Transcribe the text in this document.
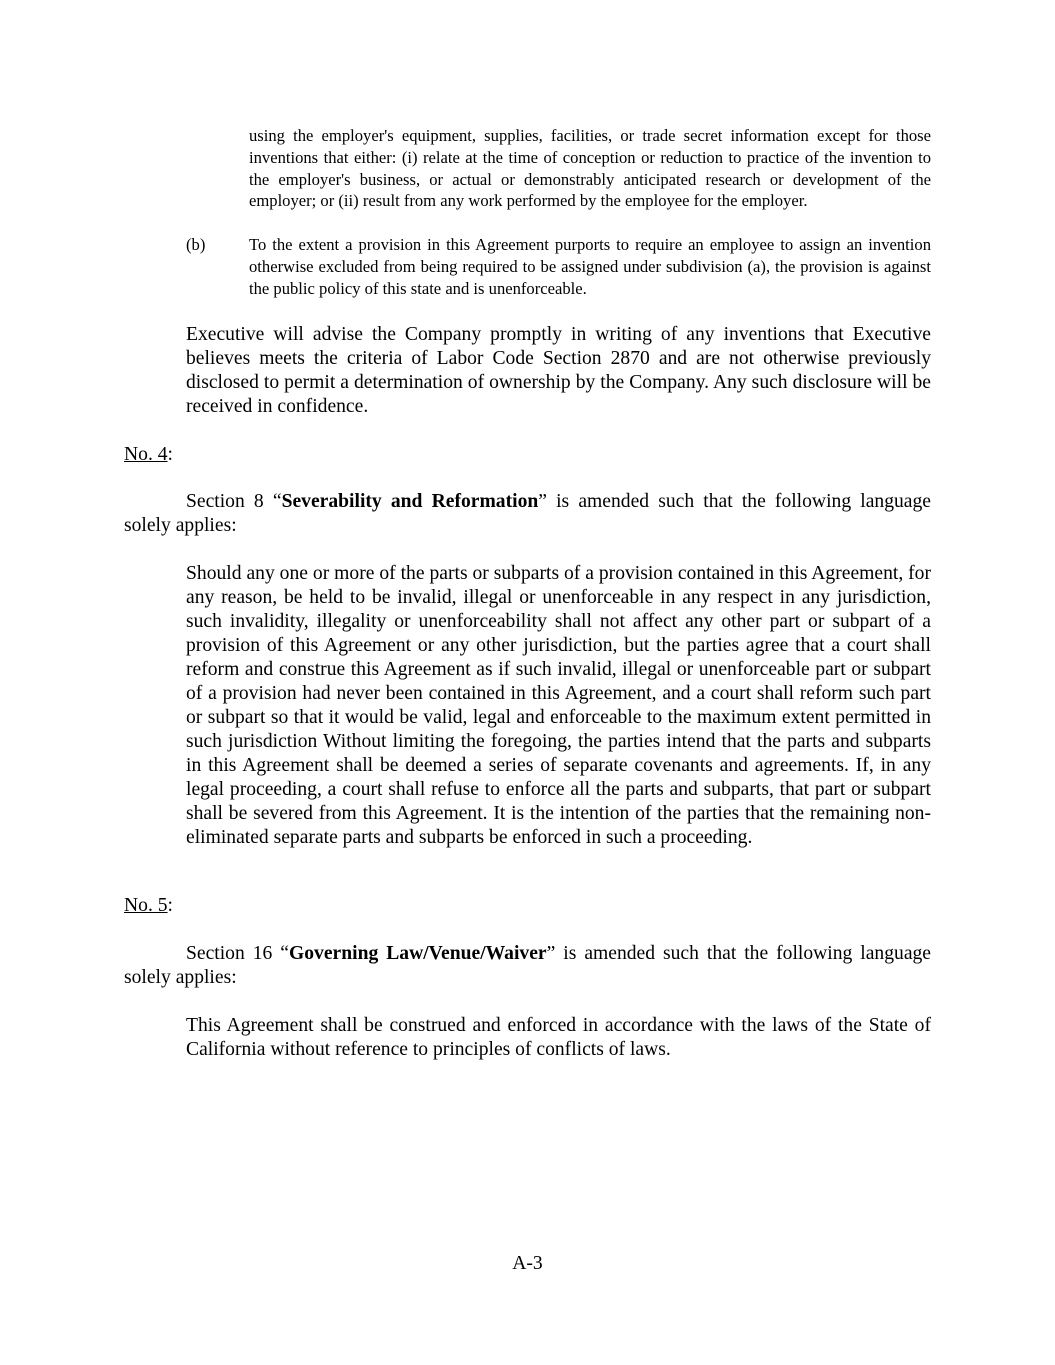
using the employer's equipment, supplies, facilities, or trade secret information except for those inventions that either: (i) relate at the time of conception or reduction to practice of the invention to the employer's business, or actual or demonstrably anticipated research or development of the employer; or (ii) result from any work performed by the employee for the employer.
(b)	To the extent a provision in this Agreement purports to require an employee to assign an invention otherwise excluded from being required to be assigned under subdivision (a), the provision is against the public policy of this state and is unenforceable.
Executive will advise the Company promptly in writing of any inventions that Executive believes meets the criteria of Labor Code Section 2870 and are not otherwise previously disclosed to permit a determination of ownership by the Company. Any such disclosure will be received in confidence.
No. 4:
Section 8 “Severability and Reformation” is amended such that the following language solely applies:
Should any one or more of the parts or subparts of a provision contained in this Agreement, for any reason, be held to be invalid, illegal or unenforceable in any respect in any jurisdiction, such invalidity, illegality or unenforceability shall not affect any other part or subpart of a provision of this Agreement or any other jurisdiction, but the parties agree that a court shall reform and construe this Agreement as if such invalid, illegal or unenforceable part or subpart of a provision had never been contained in this Agreement, and a court shall reform such part or subpart so that it would be valid, legal and enforceable to the maximum extent permitted in such jurisdiction Without limiting the foregoing, the parties intend that the parts and subparts in this Agreement shall be deemed a series of separate covenants and agreements. If, in any legal proceeding, a court shall refuse to enforce all the parts and subparts, that part or subpart shall be severed from this Agreement. It is the intention of the parties that the remaining non-eliminated separate parts and subparts be enforced in such a proceeding.
No. 5:
Section 16 “Governing Law/Venue/Waiver” is amended such that the following language solely applies:
This Agreement shall be construed and enforced in accordance with the laws of the State of California without reference to principles of conflicts of laws.
A-3
